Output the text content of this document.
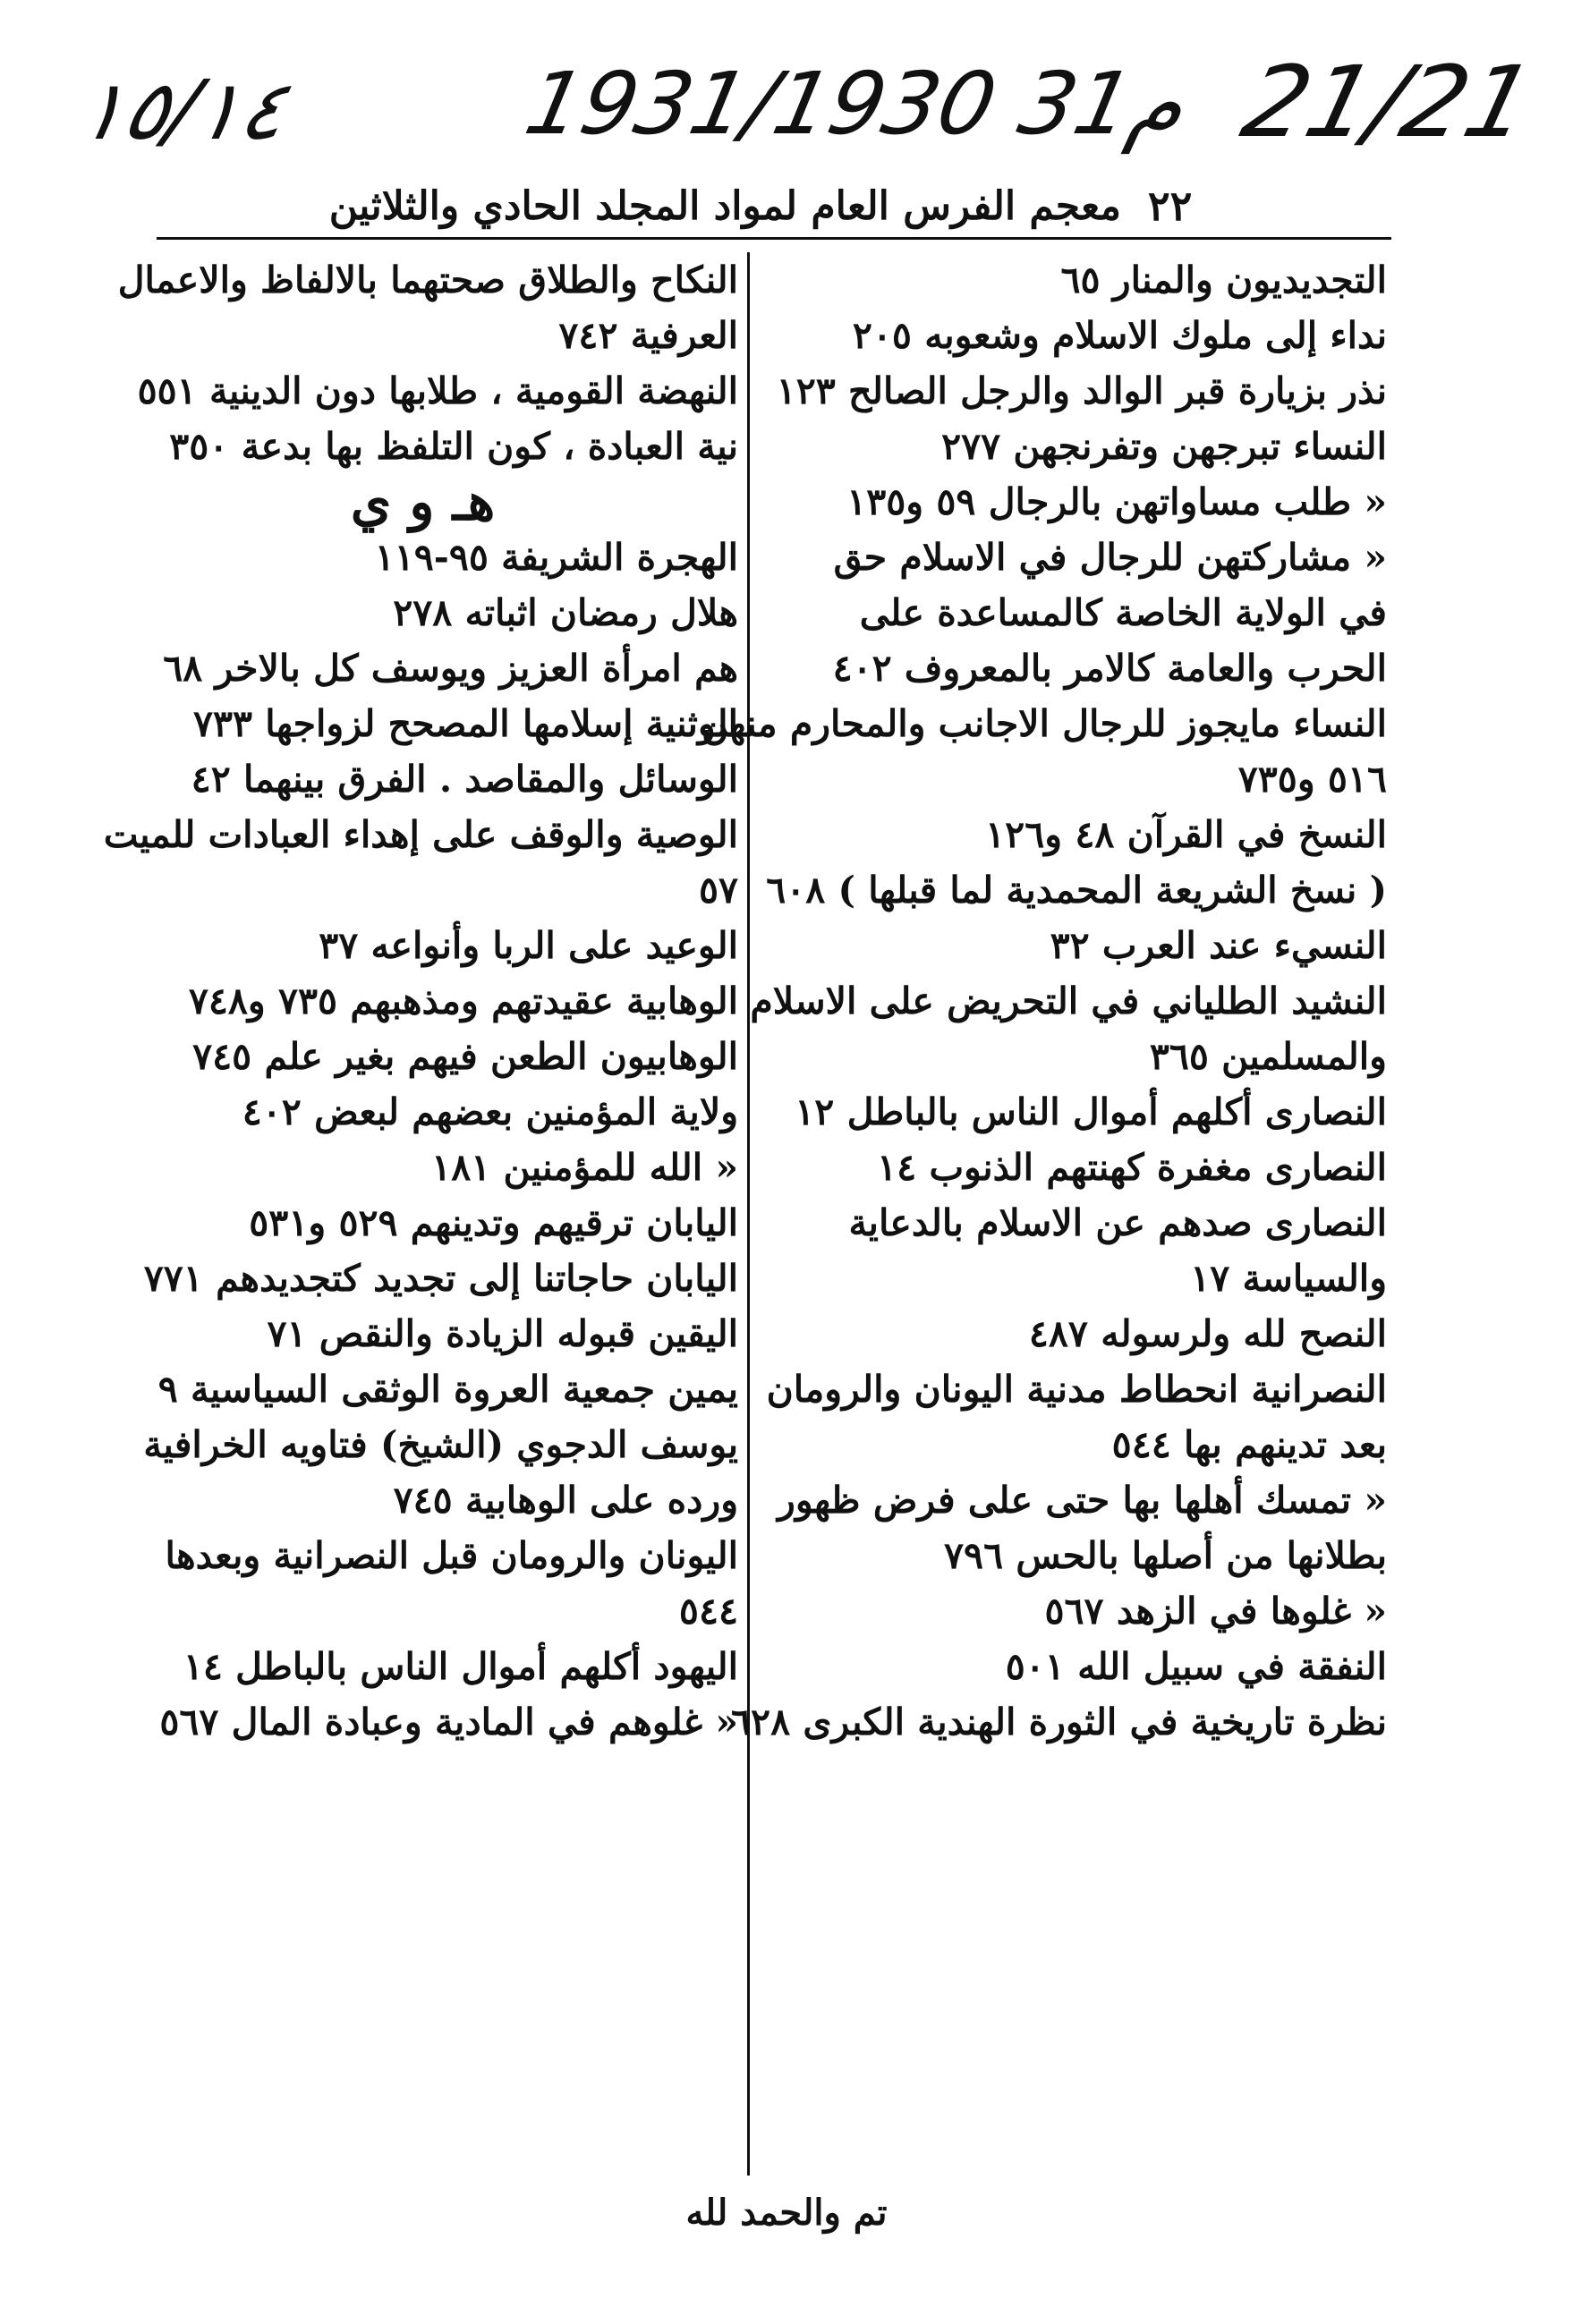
١٥/١٤	1931/1930 31م 21/21
٢٢
معجم الفرس العام لمواد المجلد الحادي والثلاثين
التجديديون والمنار ٦٥
نداء إلى ملوك الاسلام وشعوبه ٢٠٥
نذر بزيارة قبر الوالد والرجل الصالح ١٢٣
النساء تبرجهن وتفرنجهن ٢٧٧
« طلب مساواتهن بالرجال ٥٩ و١٣٥
« مشاركتهن للرجال في الاسلام حق
في الولاية الخاصة كالمساعدة على
الحرب والعامة كالامر بالمعروف ٤٠٢
النساء مايجوز للرجال الاجانب والمحارم منهن
٥١٦ و٧٣٥
النسخ في القرآن ٤٨ و١٢٦
( نسخ الشريعة المحمدية لما قبلها ) ٦٠٨
النسيء عند العرب ٣٢
النشيد الطلياني في التحريض على الاسلام
والمسلمين ٣٦٥
النصارى أكلهم أموال الناس بالباطل ١٢
النصارى مغفرة كهنتهم الذنوب ١٤
النصارى صدهم عن الاسلام بالدعاية
والسياسة ١٧
النصح لله ولرسوله ٤٨٧
النصرانية انحطاط مدنية اليونان والرومان
بعد تدينهم بها ٥٤٤
« تمسك أهلها بها حتى على فرض ظهور
بطلانها من أصلها بالحس ٧٩٦
« غلوها في الزهد ٥٦٧
النفقة في سبيل الله ٥٠١
نظرة تاريخية في الثورة الهندية الكبرى ٦٢٨
النكاح والطلاق صحتهما بالالفاظ والاعمال
العرفية ٧٤٢
النهضة القومية ، طلابها دون الدينية ٥٥١
نية العبادة ، كون التلفظ بها بدعة ٣٥٠
هـ و ي
الهجرة الشريفة ٩٥-١١٩
هلال رمضان اثباته ٢٧٨
هم امرأة العزيز ويوسف كل بالاخر ٦٨
الوثنية إسلامها المصحح لزواجها ٧٣٣
الوسائل والمقاصد . الفرق بينهما ٤٢
الوصية والوقف على إهداء العبادات للميت
٥٧
الوعيد على الربا وأنواعه ٣٧
الوهابية عقيدتهم ومذهبهم ٧٣٥ و٧٤٨
الوهابيون الطعن فيهم بغير علم ٧٤٥
ولاية المؤمنين بعضهم لبعض ٤٠٢
« الله للمؤمنين ١٨١
اليابان ترقيهم وتدينهم ٥٢٩ و٥٣١
اليابان حاجاتنا إلى تجديد كتجديدهم ٧٧١
اليقين قبوله الزيادة والنقص ٧١
يمين جمعية العروة الوثقى السياسية ٩
يوسف الدجوي (الشيخ) فتاويه الخرافية
ورده على الوهابية ٧٤٥
اليونان والرومان قبل النصرانية وبعدها
٥٤٤
اليهود أكلهم أموال الناس بالباطل ١٤
« غلوهم في المادية وعبادة المال ٥٦٧
تم والحمد لله
